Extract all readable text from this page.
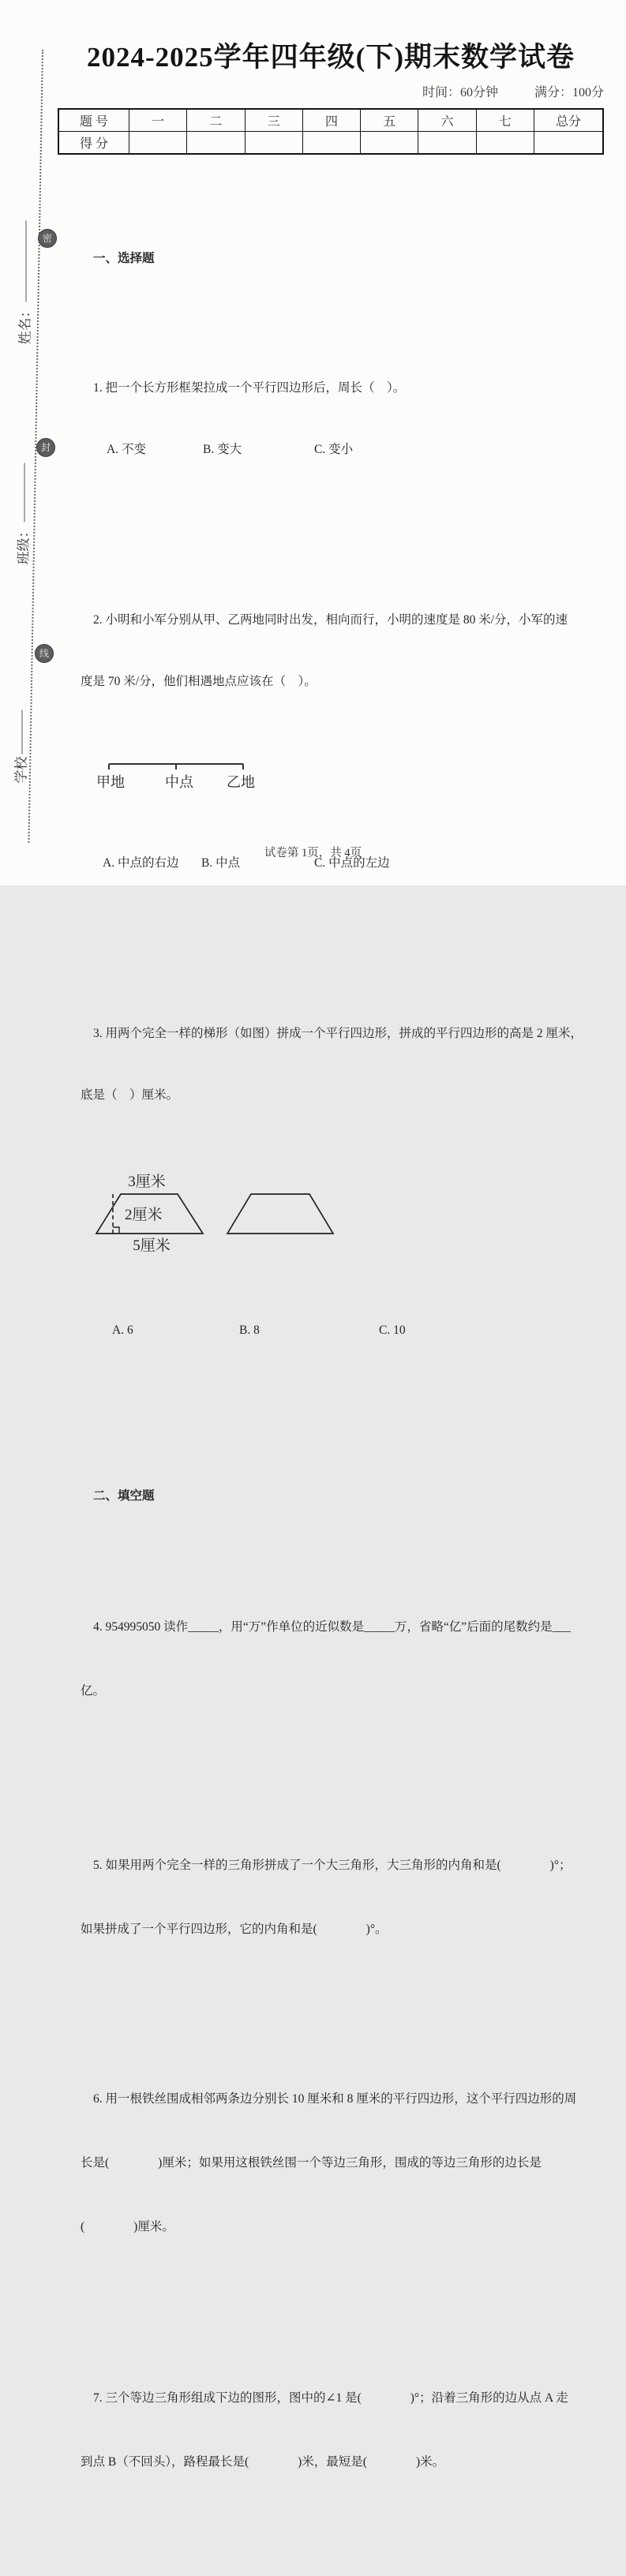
密
封
线
姓名：
班级：
学校
2024-2025学年四年级(下)期末数学试卷
时间：60分钟	满分：100分
题 号	一	二	三	四	五	六	七	总分
得 分								

一、选择题

1. 把一个长方形框架拉成一个平行四边形后，周长（　）。

A. 不变

	B. 变大

	C. 变小

2. 小明和小军分别从甲、乙两地同时出发，相向而行，小明的速度是 80 米/分，小军的速

度是 70 米/分，他们相遇地点应该在（　）。

甲地	中点 乙地

A. 中点的右边

B. 中点

	C. 中点的左边

3. 用两个完全一样的梯形（如图）拼成一个平行四边形，拼成的平行四边形的高是 2 厘米，

底是（　）厘米。

3厘米
2厘米
5厘米

A. 6

	B. 8

	C. 10

二、填空题

4. 954995050 读作_____，用“万”作单位的近似数是_____万，省略“亿”后面的尾数约是___

亿。

5. 如果用两个完全一样的三角形拼成了一个大三角形，大三角形的内角和是(　　　　)°；

如果拼成了一个平行四边形，它的内角和是(　　　　)°。

6. 用一根铁丝围成相邻两条边分别长 10 厘米和 8 厘米的平行四边形，这个平行四边形的周

长是(　　　　)厘米；如果用这根铁丝围一个等边三角形，围成的等边三角形的边长是

(　　　　)厘米。

7. 三个等边三角形组成下边的图形，图中的∠1 是(　　　　)°；沿着三角形的边从点 A 走

到点 B（不回头），路程最长是(　　　　)米，最短是(　　　　)米。

试卷第 1页，共 4页
